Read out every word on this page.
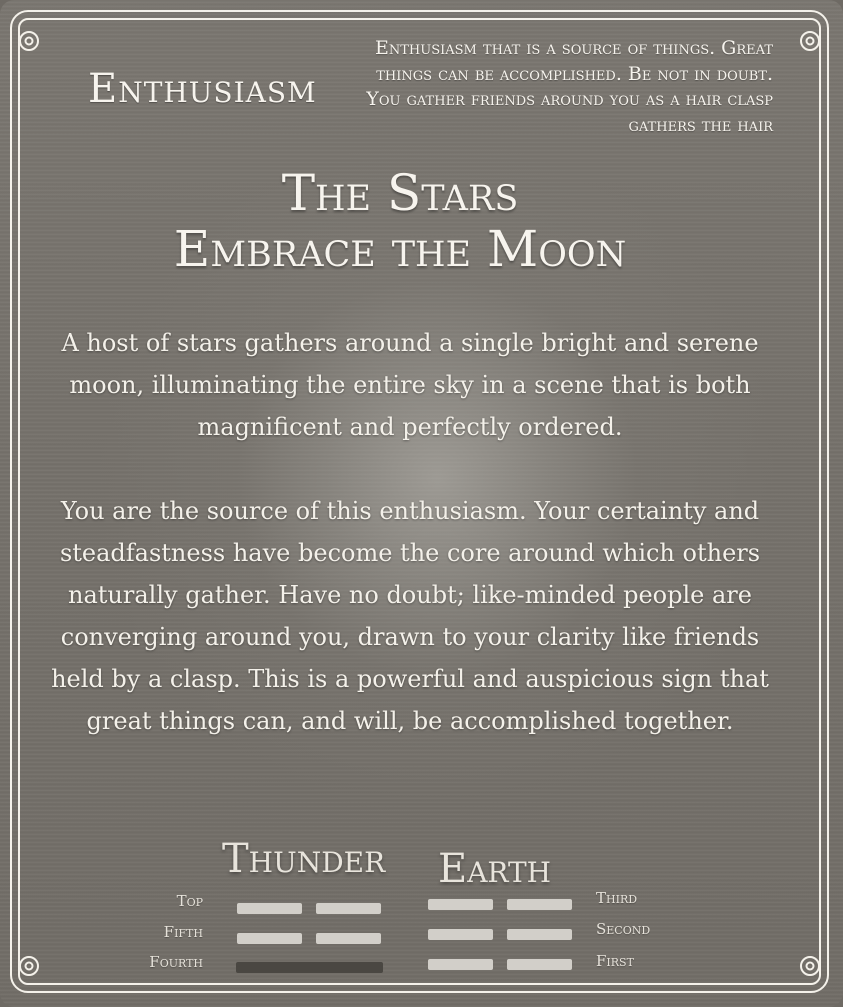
Enthusiasm
Enthusiasm that is a source of things. Great things can be accomplished. Be not in doubt. You gather friends around you as a hair clasp gathers the hair
The Stars
Embrace the Moon
A host of stars gathers around a single bright and serene moon, illuminating the entire sky in a scene that is both magnificent and perfectly ordered.
You are the source of this enthusiasm. Your certainty and steadfastness have become the core around which others naturally gather. Have no doubt; like-minded people are converging around you, drawn to your clarity like friends held by a clasp. This is a powerful and auspicious sign that great things can, and will, be accomplished together.
Thunder Earth
Top
Fifth
Fourth
Third
Second
First
